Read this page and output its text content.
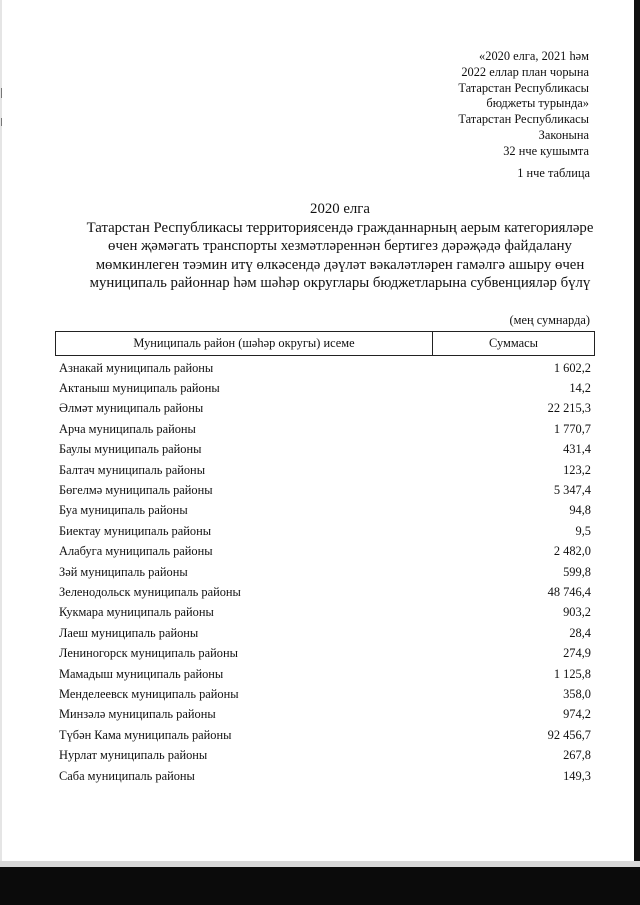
«2020 елга, 2021 һәм
2022 еллар план чорына
Татарстан Республикасы
бюджеты турында»
Татарстан Республикасы
Законына
32 нче кушымта
1 нче таблица
2020 елга
Татарстан Республикасы территориясендә гражданнарның аерым категорияләре өчен җәмәгать транспорты хезмәтләреннән бертигез дәрәҗәдә файдалану мөмкинлеген тәэмин итү өлкәсендә дәүләт вәкаләтләрен гамәлгә ашыру өчен муниципаль районнар һәм шәһәр округлары бюджетларына субвенцияләр бүлү
(мең сумнарда)
Муниципаль район (шәһәр округы) исеме	Суммасы
Азнакай муниципаль районы	1 602,2
Актаныш муниципаль районы	14,2
Әлмәт муниципаль районы	22 215,3
Арча муниципаль районы	1 770,7
Баулы муниципаль районы	431,4
Балтач муниципаль районы	123,2
Бөгелмә муниципаль районы	5 347,4
Буа муниципаль районы	94,8
Биектау муниципаль районы	9,5
Алабуга муниципаль районы	2 482,0
Зәй муниципаль районы	599,8
Зеленодольск муниципаль районы	48 746,4
Кукмара муниципаль районы	903,2
Лаеш муниципаль районы	28,4
Лениногорск муниципаль районы	274,9
Мамадыш муниципаль районы	1 125,8
Менделеевск муниципаль районы	358,0
Минзәлә муниципаль районы	974,2
Түбән Кама муниципаль районы	92 456,7
Нурлат муниципаль районы	267,8
Саба муниципаль районы	149,3
